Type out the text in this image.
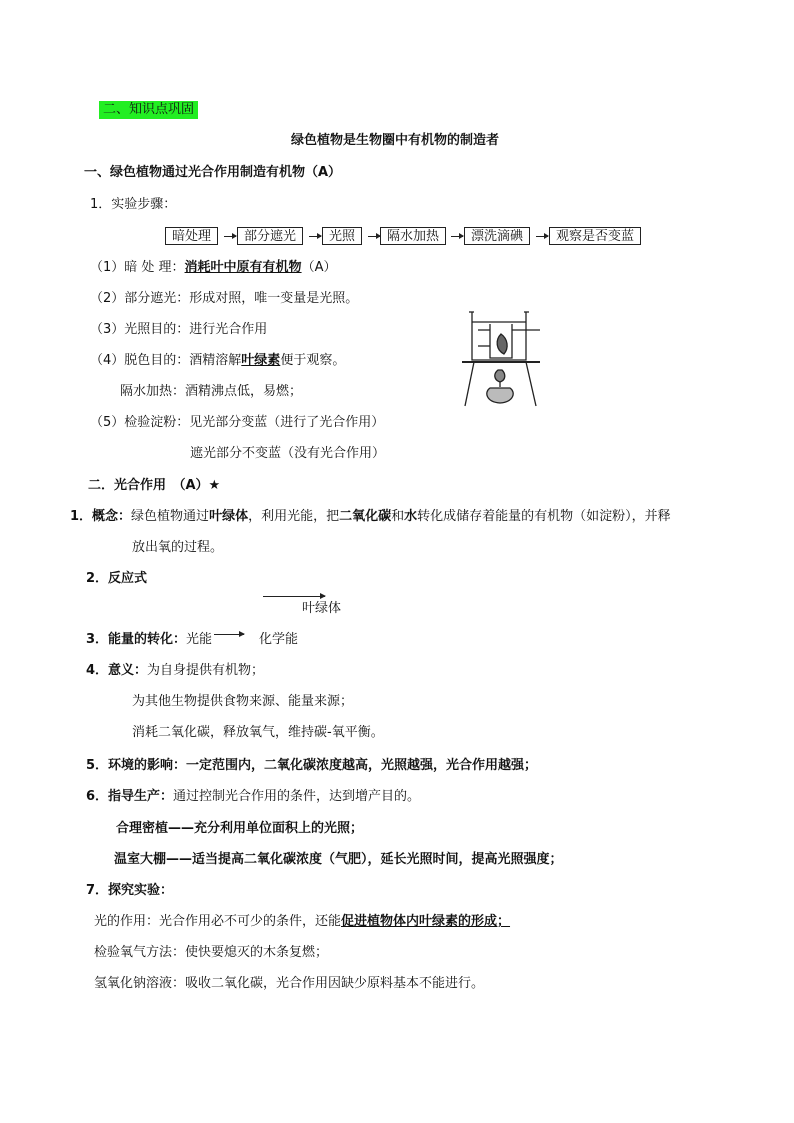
二、知识点巩固
绿色植物是生物圈中有机物的制造者
一、绿色植物通过光合作用制造有机物（A）
1．实验步骤：
暗处理	部分遮光	光照	隔水加热	漂洗滴碘	观察是否变蓝
（1）暗 处 理：消耗叶中原有有机物（A）
（2）部分遮光：形成对照，唯一变量是光照。
（3）光照目的：进行光合作用
（4）脱色目的：酒精溶解叶绿素便于观察。
隔水加热：酒精沸点低，易燃；
（5）检验淀粉：见光部分变蓝（进行了光合作用）
遮光部分不变蓝（没有光合作用）
二．光合作用　（A）★
1．概念：绿色植物通过叶绿体，利用光能，把二氧化碳和水转化成储存着能量的有机物（如淀粉），并释
放出氧的过程。
2．反应式
叶绿体
3．能量的转化：光能	化学能
4．意义：为自身提供有机物；
为其他生物提供食物来源、能量来源；
消耗二氧化碳，释放氧气，维持碳-氧平衡。
5．环境的影响：一定范围内，二氧化碳浓度越高，光照越强，光合作用越强；
6．指导生产：通过控制光合作用的条件，达到增产目的。
合理密植——充分利用单位面积上的光照；
温室大棚——适当提高二氧化碳浓度（气肥），延长光照时间，提高光照强度；
7．探究实验：
光的作用：光合作用必不可少的条件，还能促进植物体内叶绿素的形成；
检验氧气方法：使快要熄灭的木条复燃；
氢氧化钠溶液：吸收二氧化碳，光合作用因缺少原料基本不能进行。
